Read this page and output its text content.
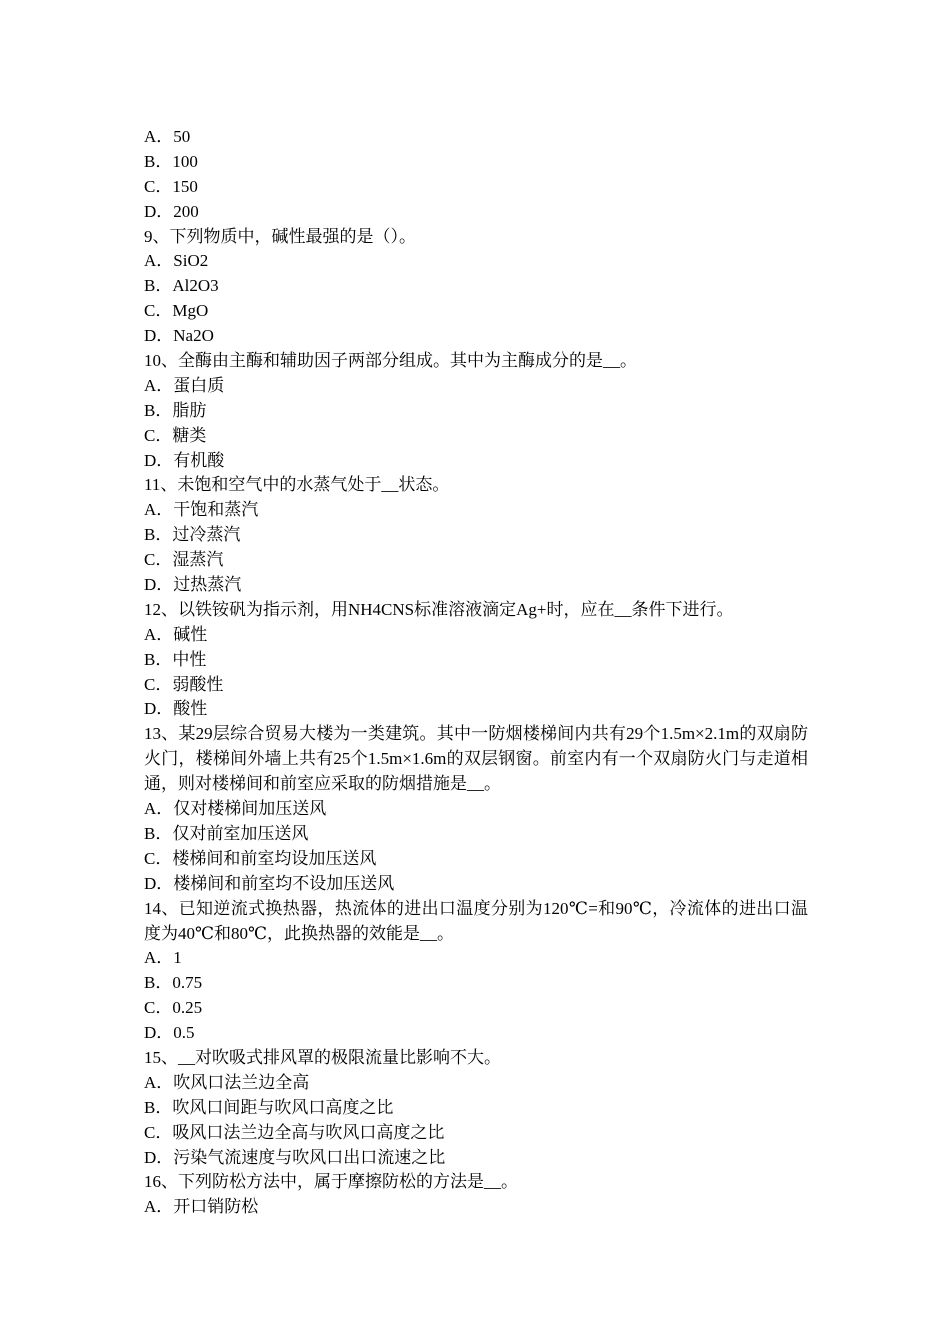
A．50
B．100
C．150
D．200
9、下列物质中，碱性最强的是（）。
A．SiO2
B．Al2O3
C．MgO
D．Na2O
10、全酶由主酶和辅助因子两部分组成。其中为主酶成分的是__。
A．蛋白质
B．脂肪
C．糖类
D．有机酸
11、未饱和空气中的水蒸气处于__状态。
A．干饱和蒸汽
B．过冷蒸汽
C．湿蒸汽
D．过热蒸汽
12、以铁铵矾为指示剂，用NH4CNS标准溶液滴定Ag+时，应在__条件下进行。
A．碱性
B．中性
C．弱酸性
D．酸性
13、某29层综合贸易大楼为一类建筑。其中一防烟楼梯间内共有29个1.5m×2.1m的双扇防火门，楼梯间外墙上共有25个1.5m×1.6m的双层钢窗。前室内有一个双扇防火门与走道相通，则对楼梯间和前室应采取的防烟措施是__。
A．仅对楼梯间加压送风
B．仅对前室加压送风
C．楼梯间和前室均设加压送风
D．楼梯间和前室均不设加压送风
14、已知逆流式换热器，热流体的进出口温度分别为120℃=和90℃，冷流体的进出口温度为40℃和80℃，此换热器的效能是__。
A．1
B．0.75
C．0.25
D．0.5
15、__对吹吸式排风罩的极限流量比影响不大。
A．吹风口法兰边全高
B．吹风口间距与吹风口高度之比
C．吸风口法兰边全高与吹风口高度之比
D．污染气流速度与吹风口出口流速之比
16、下列防松方法中，属于摩擦防松的方法是__。
A．开口销防松
